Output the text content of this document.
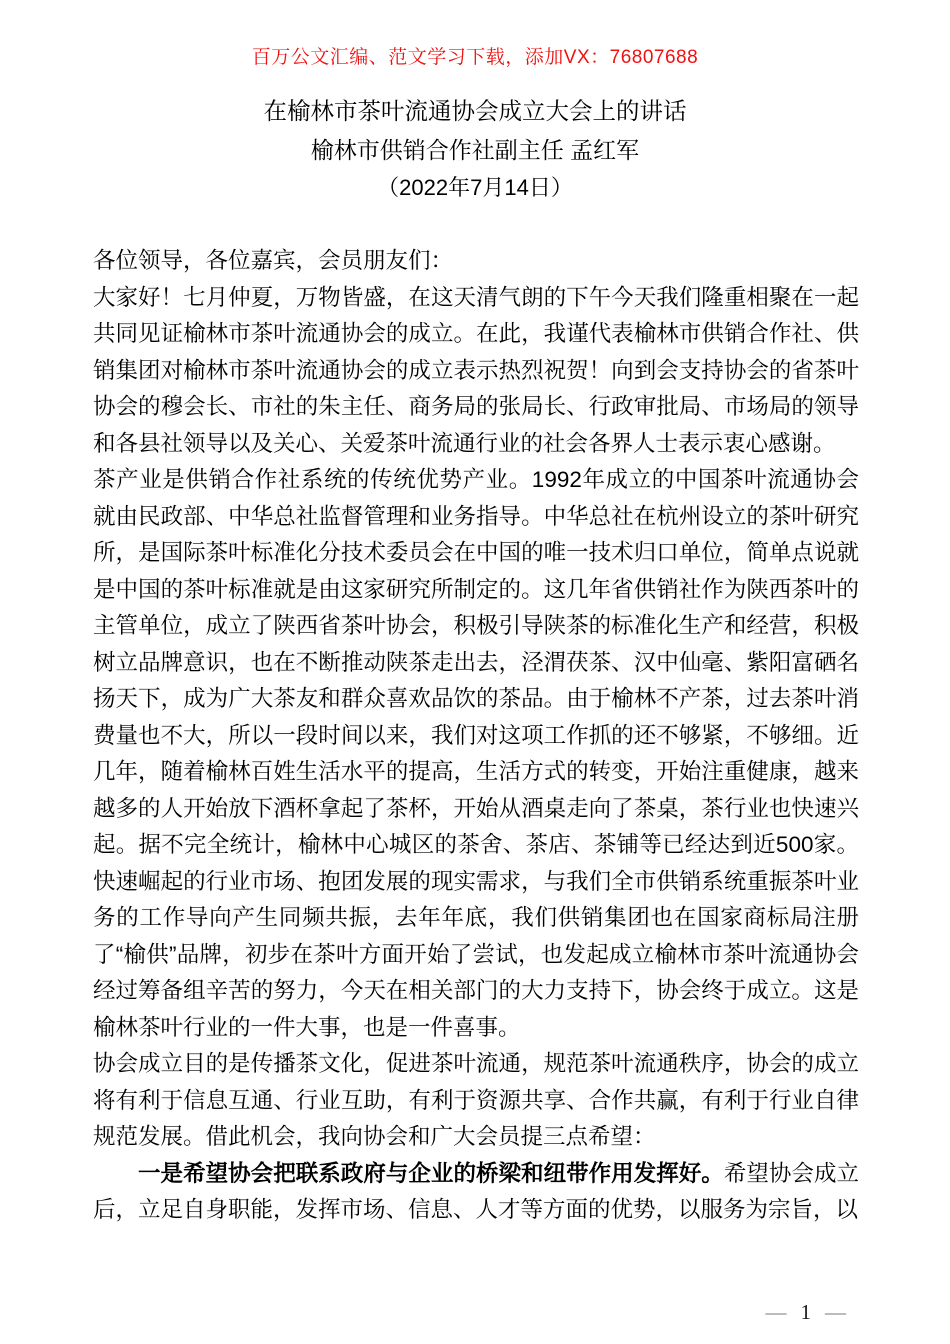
百万公文汇编、范文学习下载，添加VX：76807688
在榆林市茶叶流通协会成立大会上的讲话
榆林市供销合作社副主任 孟红军
（2022年7月14日）

各位领导，各位嘉宾，会员朋友们：

大家好！七月仲夏，万物皆盛，在这天清气朗的下午今天我们隆重相聚在一起共同见证榆林市茶叶流通协会的成立。在此，我谨代表榆林市供销合作社、供销集团对榆林市茶叶流通协会的成立表示热烈祝贺！向到会支持协会的省茶叶协会的穆会长、市社的朱主任、商务局的张局长、行政审批局、市场局的领导和各县社领导以及关心、关爱茶叶流通行业的社会各界人士表示衷心感谢。

茶产业是供销合作社系统的传统优势产业。1992年成立的中国茶叶流通协会就由民政部、中华总社监督管理和业务指导。中华总社在杭州设立的茶叶研究所，是国际茶叶标准化分技术委员会在中国的唯一技术归口单位，简单点说就是中国的茶叶标准就是由这家研究所制定的。这几年省供销社作为陕西茶叶的主管单位，成立了陕西省茶叶协会，积极引导陕茶的标准化生产和经营，积极树立品牌意识，也在不断推动陕茶走出去，泾渭茯茶、汉中仙毫、紫阳富硒名扬天下，成为广大茶友和群众喜欢品饮的茶品。由于榆林不产茶，过去茶叶消费量也不大，所以一段时间以来，我们对这项工作抓的还不够紧，不够细。近几年，随着榆林百姓生活水平的提高，生活方式的转变，开始注重健康，越来越多的人开始放下酒杯拿起了茶杯，开始从酒桌走向了茶桌，茶行业也快速兴起。据不完全统计，榆林中心城区的茶舍、茶店、茶铺等已经达到近500家。快速崛起的行业市场、抱团发展的现实需求，与我们全市供销系统重振茶叶业务的工作导向产生同频共振，去年年底，我们供销集团也在国家商标局注册了“榆供”品牌，初步在茶叶方面开始了尝试，也发起成立榆林市茶叶流通协会经过筹备组辛苦的努力，今天在相关部门的大力支持下，协会终于成立。这是榆林茶叶行业的一件大事，也是一件喜事。

协会成立目的是传播茶文化，促进茶叶流通，规范茶叶流通秩序，协会的成立将有利于信息互通、行业互助，有利于资源共享、合作共赢，有利于行业自律规范发展。借此机会，我向协会和广大会员提三点希望：

一是希望协会把联系政府与企业的桥梁和纽带作用发挥好。希望协会成立后，立足自身职能，发挥市场、信息、人才等方面的优势，以服务为宗旨，以

— 1 —
